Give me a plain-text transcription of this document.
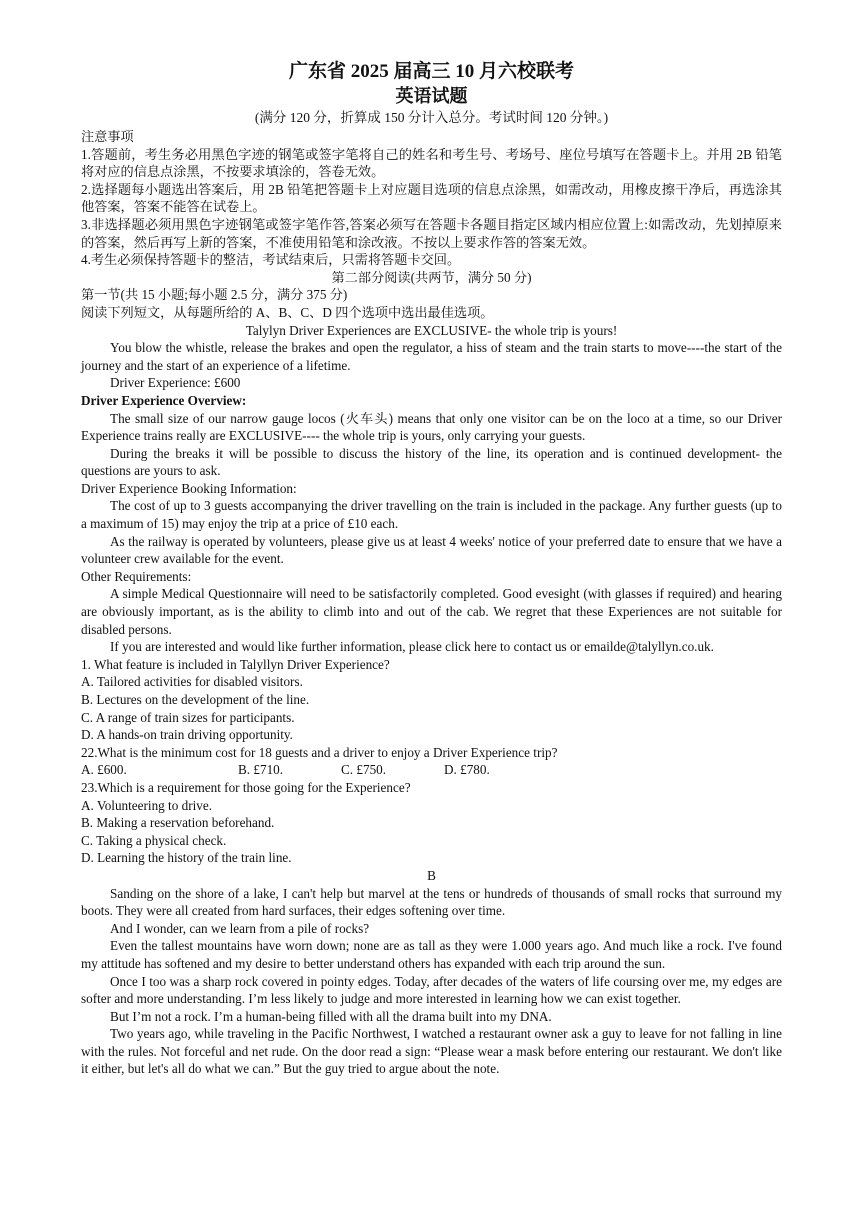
广东省 2025 届高三 10 月六校联考
英语试题
(满分 120 分，折算成 150 分计入总分。考试时间 120 分钟。)

注意事项

1.答题前，考生务必用黑色字迹的钢笔或签字笔将自己的姓名和考生号、考场号、座位号填写在答题卡上。并用 2B 铅笔将对应的信息点涂黑，不按要求填涂的，答卷无效。

2.选择题每小题选出答案后，用 2B 铅笔把答题卡上对应题目选项的信息点涂黑，如需改动，用橡皮擦干净后，再选涂其他答案，答案不能答在试卷上。

3.非选择题必须用黑色字迹钢笔或签字笔作答,答案必须写在答题卡各题目指定区域内相应位置上:如需改动，先划掉原来的答案，然后再写上新的答案，不准使用铅笔和涂改液。不按以上要求作答的答案无效。

4.考生必须保持答题卡的整洁，考试结束后，只需将答题卡交回。

第二部分阅读(共两节，满分 50 分)

第一节(共 15 小题;每小题 2.5 分，满分 375 分)

阅读下列短文，从每题所给的 A、B、C、D 四个选项中选出最佳选项。

Talylyn Driver Experiences are EXCLUSIVE- the whole trip is yours!

You blow the whistle, release the brakes and open the regulator, a hiss of steam and the train starts to move----the start of the journey and the start of an experience of a lifetime.

Driver Experience: £600

Driver Experience Overview:

The small size of our narrow gauge locos (火车头) means that only one visitor can be on the loco at a time, so our Driver Experience trains really are EXCLUSIVE---- the whole trip is yours, only carrying your guests.

During the breaks it will be possible to discuss the history of the line, its operation and is continued development- the questions are yours to ask.

Driver Experience Booking Information:

The cost of up to 3 guests accompanying the driver travelling on the train is included in the package. Any further guests (up to a maximum of 15) may enjoy the trip at a price of £10 each.

As the railway is operated by volunteers, please give us at least 4 weeks' notice of your preferred date to ensure that we have a volunteer crew available for the event.

Other Requirements:

A simple Medical Questionnaire will need to be satisfactorily completed. Good evesight (with glasses if required) and hearing are obviously important, as is the ability to climb into and out of the cab. We regret that these Experiences are not suitable for disabled persons.

If you are interested and would like further information, please click here to contact us or emailde@talyllyn.co.uk.

1. What feature is included in Talyllyn Driver Experience?

A. Tailored activities for disabled visitors.

B. Lectures on the development of the line.

C. A range of train sizes for participants.

D. A hands-on train driving opportunity.

22.What is the minimum cost for 18 guests and a driver to enjoy a Driver Experience trip?

A. £600.	B. £710.	C. £750.	D. £780.

23.Which is a requirement for those going for the Experience?

A. Volunteering to drive.

B. Making a reservation beforehand.

C. Taking a physical check.

D. Learning the history of the train line.

B

Sanding on the shore of a lake, I can't help but marvel at the tens or hundreds of thousands of small rocks that surround my boots. They were all created from hard surfaces, their edges softening over time.

And I wonder, can we learn from a pile of rocks?

Even the tallest mountains have worn down; none are as tall as they were 1.000 years ago. And much like a rock. I've found my attitude has softened and my desire to better understand others has expanded with each trip around the sun.

Once I too was a sharp rock covered in pointy edges. Today, after decades of the waters of life coursing over me, my edges are softer and more understanding. I’m less likely to judge and more interested in learning how we can exist together.

But I’m not a rock. I’m a human-being filled with all the drama built into my DNA.

Two years ago, while traveling in the Pacific Northwest, I watched a restaurant owner ask a guy to leave for not falling in line with the rules. Not forceful and net rude. On the door read a sign: “Please wear a mask before entering our restaurant. We don't like it either, but let's all do what we can.” But the guy tried to argue about the note.
